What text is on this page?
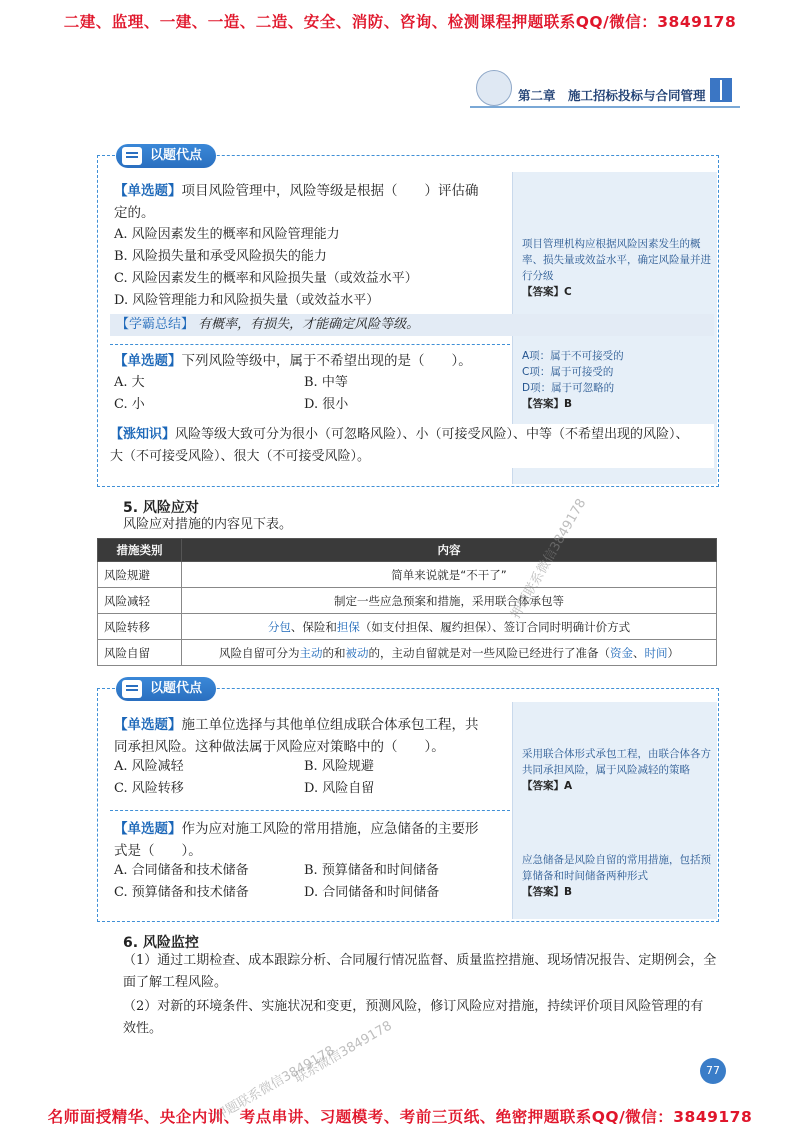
二建、监理、一建、一造、二造、安全、消防、咨询、检测课程押题联系QQ/微信：3849178
第二章　施工招标投标与合同管理
以题代点
【单选题】项目风险管理中，风险等级是根据（　　）评估确
定的。
A. 风险因素发生的概率和风险管理能力
B. 风险损失量和承受风险损失的能力
C. 风险因素发生的概率和风险损失量（或效益水平）
D. 风险管理能力和风险损失量（或效益水平）
项目管理机构应根据风险因素发生的概
率、损失量或效益水平，确定风险量并进
行分级
【答案】C
【学霸总结】 有概率，有损失，才能确定风险等级。
【单选题】下列风险等级中，属于不希望出现的是（　　）。
A. 大	B. 中等
C. 小	D. 很小
A项：属于不可接受的
C项：属于可接受的
D项：属于可忽略的
【答案】B
【涨知识】风险等级大致可分为很小（可忽略风险）、小（可接受风险）、中等（不希望出现的风险）、
大（不可接受风险）、很大（不可接受风险）。
5. 风险应对
风险应对措施的内容见下表。
措施类别	内容
风险规避	简单来说就是“不干了”
风险减轻	制定一些应急预案和措施，采用联合体承包等
风险转移	分包、保险和担保（如支付担保、履约担保）、签订合同时明确计价方式
风险自留	风险自留可分为主动的和被动的，主动自留就是对一些风险已经进行了准备（资金、时间）
以题代点
【单选题】施工单位选择与其他单位组成联合体承包工程，共
同承担风险。这种做法属于风险应对策略中的（　　）。
A. 风险减轻	B. 风险规避
C. 风险转移	D. 风险自留
采用联合体形式承包工程，由联合体各方
共同承担风险，属于风险减轻的策略
【答案】A
【单选题】作为应对施工风险的常用措施，应急储备的主要形
式是（　　）。
A. 合同储备和技术储备	B. 预算储备和时间储备
C. 预算储备和技术储备	D. 合同储备和时间储备
应急储备是风险自留的常用措施，包括预
算储备和时间储备两种形式
【答案】B
6. 风险监控
（1）通过工期检查、成本跟踪分析、合同履行情况监督、质量监控措施、现场情况报告、定期例会，全
面了解工程风险。
（2）对新的环境条件、实施状况和变更，预测风险，修订风险应对措施，持续评价项目风险管理的有
效性。
77
押题联系微信3849178
联系微信3849178
押题联系微信3849178
名师面授精华、央企内训、考点串讲、习题模考、考前三页纸、绝密押题联系QQ/微信：3849178
